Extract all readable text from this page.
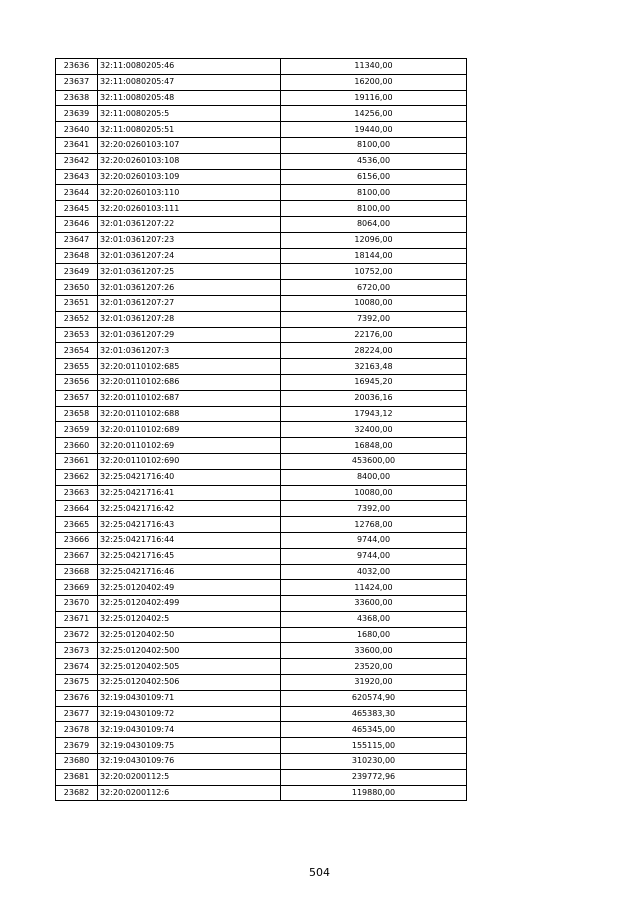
23636	32:11:0080205:46	11340,00
23637	32:11:0080205:47	16200,00
23638	32:11:0080205:48	19116,00
23639	32:11:0080205:5	14256,00
23640	32:11:0080205:51	19440,00
23641	32:20:0260103:107	8100,00
23642	32:20:0260103:108	4536,00
23643	32:20:0260103:109	6156,00
23644	32:20:0260103:110	8100,00
23645	32:20:0260103:111	8100,00
23646	32:01:0361207:22	8064,00
23647	32:01:0361207:23	12096,00
23648	32:01:0361207:24	18144,00
23649	32:01:0361207:25	10752,00
23650	32:01:0361207:26	6720,00
23651	32:01:0361207:27	10080,00
23652	32:01:0361207:28	7392,00
23653	32:01:0361207:29	22176,00
23654	32:01:0361207:3	28224,00
23655	32:20:0110102:685	32163,48
23656	32:20:0110102:686	16945,20
23657	32:20:0110102:687	20036,16
23658	32:20:0110102:688	17943,12
23659	32:20:0110102:689	32400,00
23660	32:20:0110102:69	16848,00
23661	32:20:0110102:690	453600,00
23662	32:25:0421716:40	8400,00
23663	32:25:0421716:41	10080,00
23664	32:25:0421716:42	7392,00
23665	32:25:0421716:43	12768,00
23666	32:25:0421716:44	9744,00
23667	32:25:0421716:45	9744,00
23668	32:25:0421716:46	4032,00
23669	32:25:0120402:49	11424,00
23670	32:25:0120402:499	33600,00
23671	32:25:0120402:5	4368,00
23672	32:25:0120402:50	1680,00
23673	32:25:0120402:500	33600,00
23674	32:25:0120402:505	23520,00
23675	32:25:0120402:506	31920,00
23676	32:19:0430109:71	620574,90
23677	32:19:0430109:72	465383,30
23678	32:19:0430109:74	465345,00
23679	32:19:0430109:75	155115,00
23680	32:19:0430109:76	310230,00
23681	32:20:0200112:5	239772,96
23682	32:20:0200112:6	119880,00
504
